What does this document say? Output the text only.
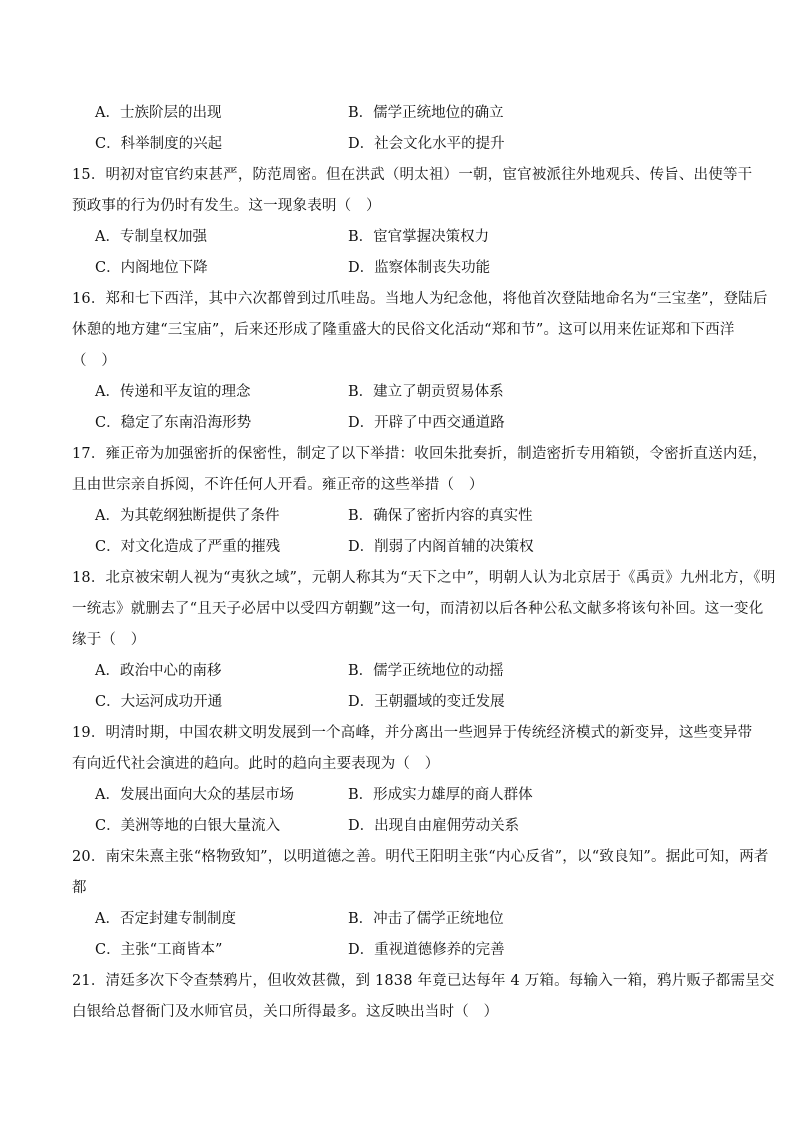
A．士族阶层的出现	B．儒学正统地位的确立
C．科举制度的兴起	D．社会文化水平的提升
15．明初对宦官约束甚严，防范周密。但在洪武（明太祖）一朝，宦官被派往外地观兵、传旨、出使等干
预政事的行为仍时有发生。这一现象表明（　）
A．专制皇权加强	B．宦官掌握决策权力
C．内阁地位下降	D．监察体制丧失功能
16．郑和七下西洋，其中六次都曾到过爪哇岛。当地人为纪念他，将他首次登陆地命名为“三宝垄”，登陆后
休憩的地方建“三宝庙”，后来还形成了隆重盛大的民俗文化活动“郑和节”。这可以用来佐证郑和下西洋
（　）
A．传递和平友谊的理念	B．建立了朝贡贸易体系
C．稳定了东南沿海形势	D．开辟了中西交通道路
17．雍正帝为加强密折的保密性，制定了以下举措：收回朱批奏折，制造密折专用箱锁，令密折直送内廷，
且由世宗亲自拆阅，不许任何人开看。雍正帝的这些举措（　）
A．为其乾纲独断提供了条件	B．确保了密折内容的真实性
C．对文化造成了严重的摧残	D．削弱了内阁首辅的决策权
18．北京被宋朝人视为“夷狄之域”，元朝人称其为“天下之中”，明朝人认为北京居于《禹贡》九州北方，《明
一统志》就删去了“且天子必居中以受四方朝觐”这一句，而清初以后各种公私文献多将该句补回。这一变化
缘于（　）
A．政治中心的南移	B．儒学正统地位的动摇
C．大运河成功开通	D．王朝疆域的变迁发展
19．明清时期，中国农耕文明发展到一个高峰，并分离出一些迥异于传统经济模式的新变异，这些变异带
有向近代社会演进的趋向。此时的趋向主要表现为（　）
A．发展出面向大众的基层市场	B．形成实力雄厚的商人群体
C．美洲等地的白银大量流入	D．出现自由雇佣劳动关系
20．南宋朱熹主张“格物致知”，以明道德之善。明代王阳明主张“内心反省”，以“致良知”。据此可知，两者
都
A．否定封建专制制度	B．冲击了儒学正统地位
C．主张“工商皆本”	D．重视道德修养的完善
21．清廷多次下令查禁鸦片，但收效甚微，到 1838 年竟已达每年 4 万箱。每输入一箱，鸦片贩子都需呈交
白银给总督衙门及水师官员，关口所得最多。这反映出当时（　）
